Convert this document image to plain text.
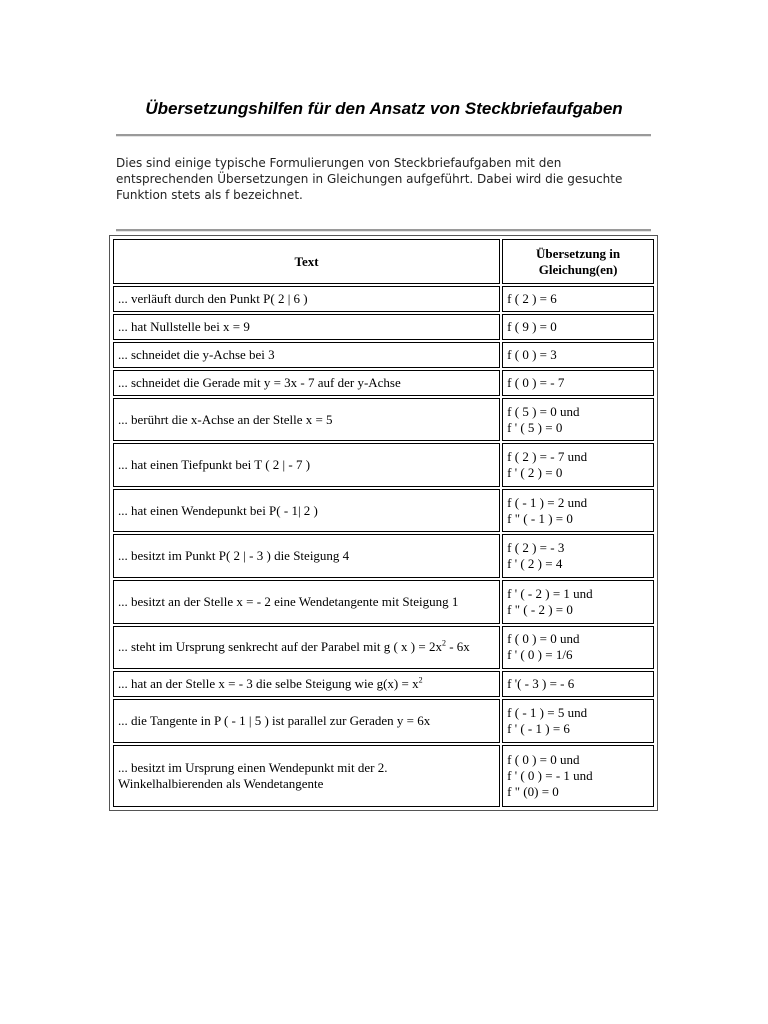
Übersetzungshilfen für den Ansatz von Steckbriefaufgaben

Dies sind einige typische Formulierungen von Steckbriefaufgaben mit den
entsprechenden Übersetzungen in Gleichungen aufgeführt. Dabei wird die gesuchte
Funktion stets als f bezeichnet.

Text	Übersetzung in
Gleichung(en)

... verläuft durch den Punkt P( 2 | 6 )	f ( 2 ) = 6

... hat Nullstelle bei x = 9	f ( 9 ) = 0

... schneidet die y-Achse bei 3	f ( 0 ) = 3

... schneidet die Gerade mit y = 3x - 7 auf der y-Achse	f ( 0 ) = - 7

... berührt die x-Achse an der Stelle x = 5	f ( 5 ) = 0 und
f ' ( 5 ) = 0

... hat einen Tiefpunkt bei T ( 2 | - 7 )	f ( 2 ) = - 7 und
f ' ( 2 ) = 0

... hat einen Wendepunkt bei P( - 1| 2 )	f ( - 1 ) = 2 und
f " ( - 1 ) = 0

... besitzt im Punkt P( 2 | - 3 ) die Steigung 4	f ( 2 ) = - 3
f ' ( 2 ) = 4

... besitzt an der Stelle x = - 2 eine Wendetangente mit Steigung 1	f ' ( - 2 ) = 1 und
f " ( - 2 ) = 0

... steht im Ursprung senkrecht auf der Parabel mit g ( x ) = $2x^2 - 6x$	f ( 0 ) = 0 und
f ' ( 0 ) = 1/6

... hat an der Stelle x = - 3 die selbe Steigung wie $g(x) = x^2$	f '( - 3 ) = - 6

... die Tangente in P ( - 1 | 5 ) ist parallel zur Geraden y = 6x	f ( - 1 ) = 5 und
f ' ( - 1 ) = 6

... besitzt im Ursprung einen Wendepunkt mit der 2. Winkelhalbierenden als Wendetangente	f ( 0 ) = 0 und
f ' ( 0 ) = - 1 und
f " (0) = 0
